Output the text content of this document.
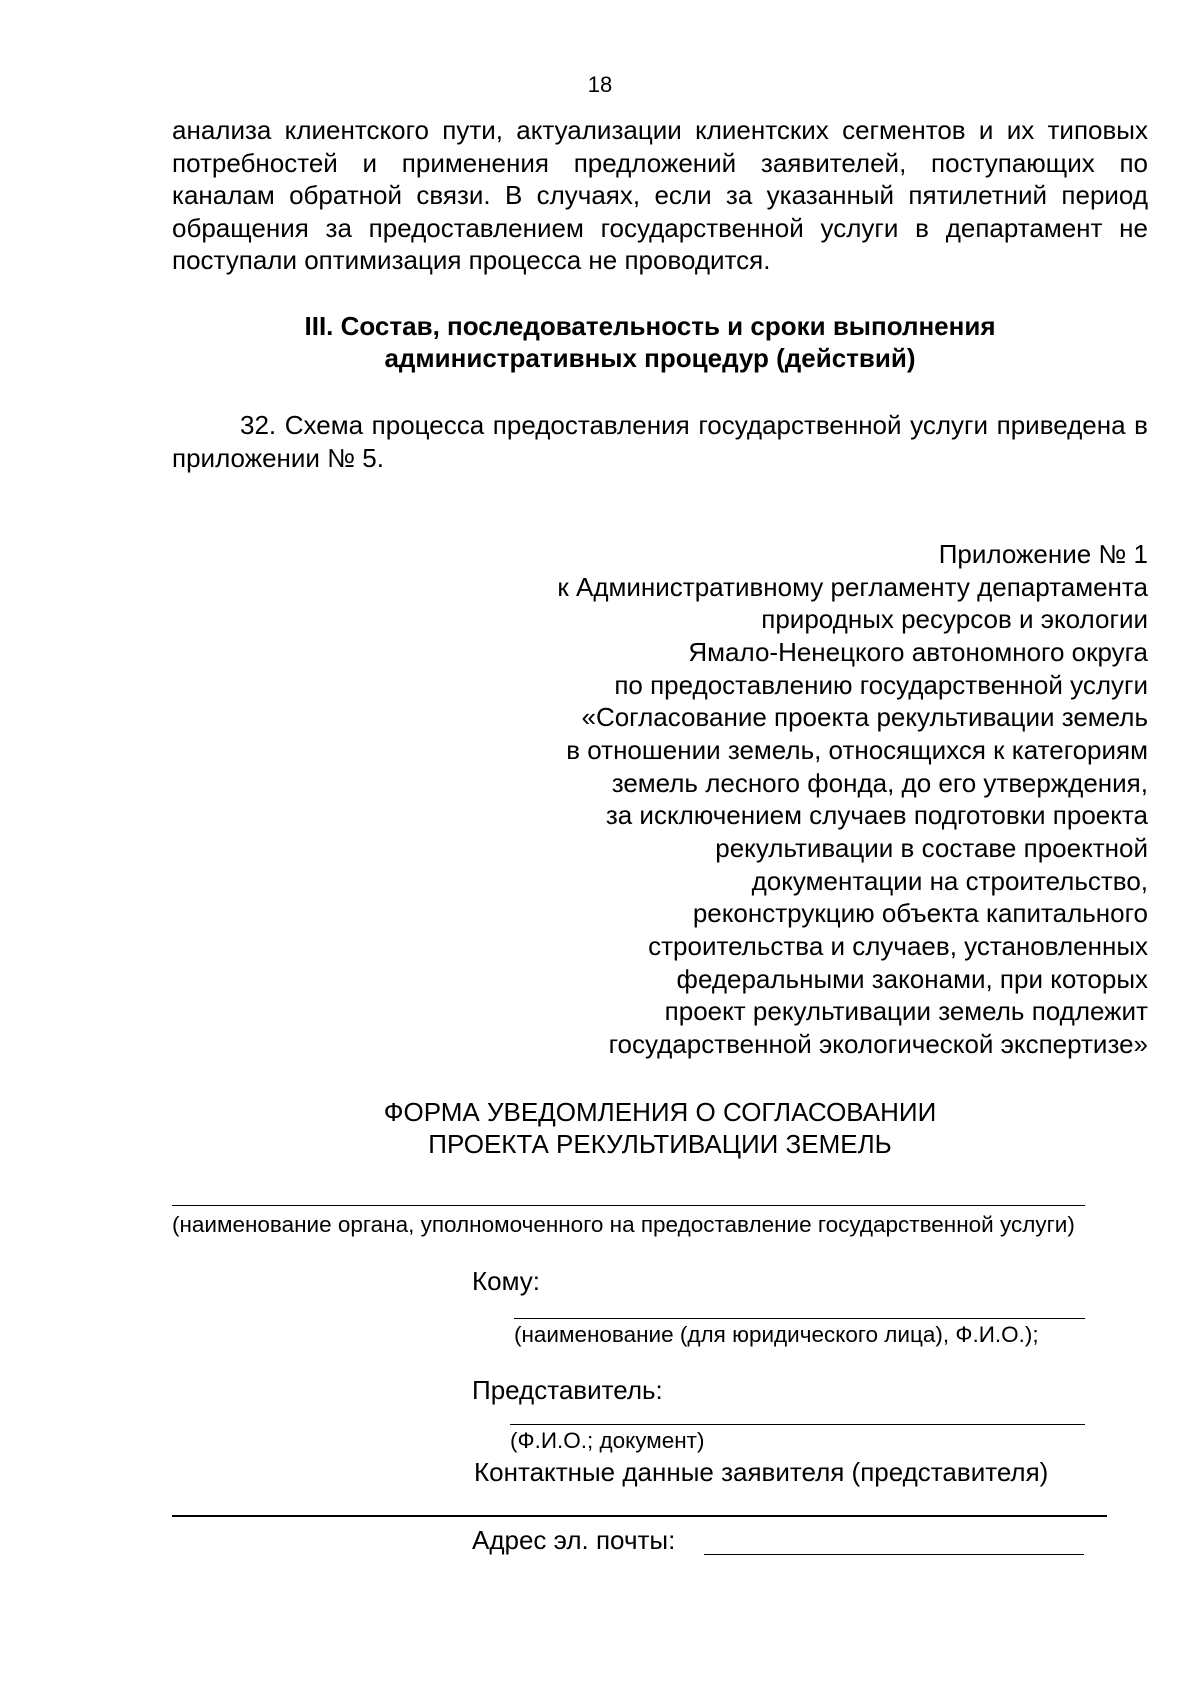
18
анализа клиентского пути, актуализации клиентских сегментов и их типовых потребностей и применения предложений заявителей, поступающих по каналам обратной связи. В случаях, если за указанный пятилетний период обращения за предоставлением государственной услуги в департамент не поступали оптимизация процесса не проводится.
III. Состав, последовательность и сроки выполнения
административных процедур (действий)
32. Схема процесса предоставления государственной услуги приведена в приложении № 5.
Приложение № 1
к Административному регламенту департамента
природных ресурсов и экологии
Ямало-Ненецкого автономного округа
по предоставлению государственной услуги
«Согласование проекта рекультивации земель
в отношении земель, относящихся к категориям
земель лесного фонда, до его утверждения,
за исключением случаев подготовки проекта
рекультивации в составе проектной
документации на строительство,
реконструкцию объекта капитального
строительства и случаев, установленных
федеральными законами, при которых
проект рекультивации земель подлежит
государственной экологической экспертизе»
ФОРМА УВЕДОМЛЕНИЯ О СОГЛАСОВАНИИ
ПРОЕКТА РЕКУЛЬТИВАЦИИ ЗЕМЕЛЬ
(наименование органа, уполномоченного на предоставление государственной услуги)
Кому:
(наименование (для юридического лица), Ф.И.О.);
Представитель:
(Ф.И.О.; документ)
Контактные данные заявителя (представителя)
Адрес эл. почты:
